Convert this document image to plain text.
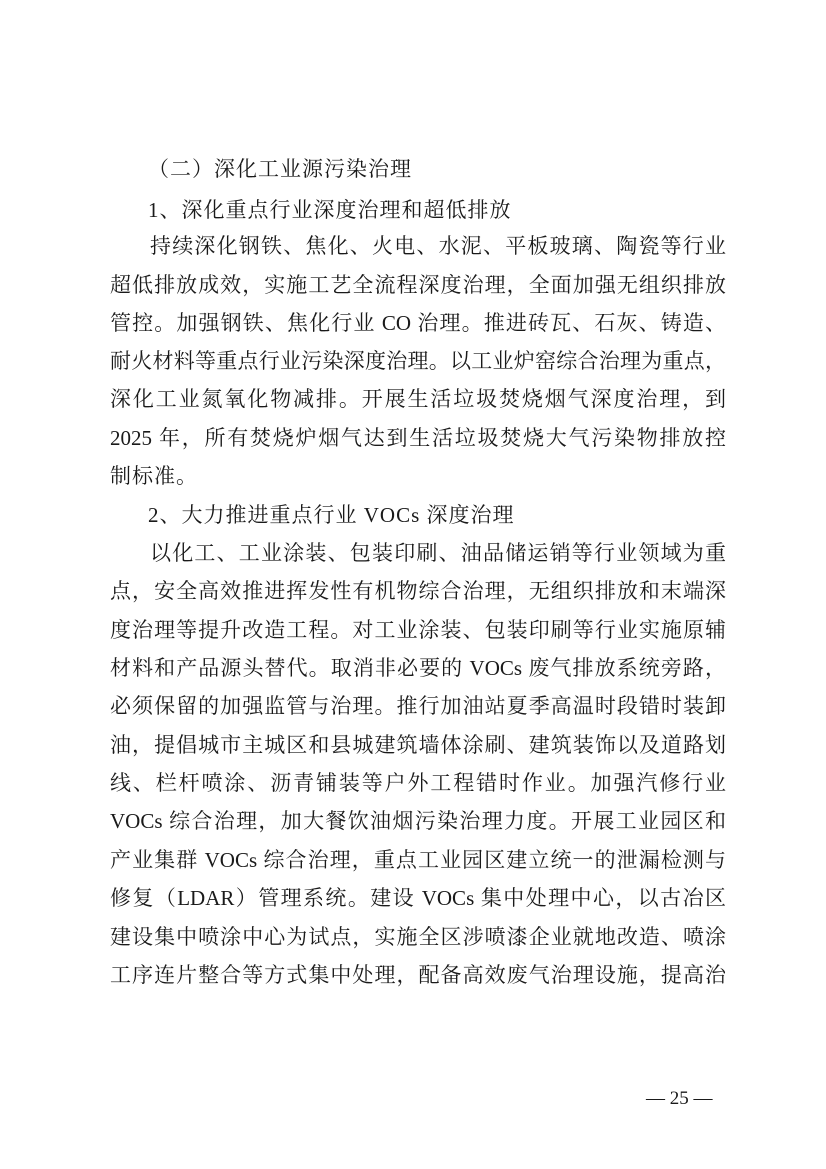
（二）深化工业源污染治理
1、深化重点行业深度治理和超低排放
持续深化钢铁、焦化、火电、水泥、平板玻璃、陶瓷等行业
超低排放成效，实施工艺全流程深度治理，全面加强无组织排放
管控。加强钢铁、焦化行业 CO 治理。推进砖瓦、石灰、铸造、
耐火材料等重点行业污染深度治理。以工业炉窑综合治理为重点，
深化工业氮氧化物减排。开展生活垃圾焚烧烟气深度治理，到
2025 年，所有焚烧炉烟气达到生活垃圾焚烧大气污染物排放控
制标准。
2、大力推进重点行业 VOCs 深度治理
以化工、工业涂装、包装印刷、油品储运销等行业领域为重
点，安全高效推进挥发性有机物综合治理，无组织排放和末端深
度治理等提升改造工程。对工业涂装、包装印刷等行业实施原辅
材料和产品源头替代。取消非必要的 VOCs 废气排放系统旁路，
必须保留的加强监管与治理。推行加油站夏季高温时段错时装卸
油，提倡城市主城区和县城建筑墙体涂刷、建筑装饰以及道路划
线、栏杆喷涂、沥青铺装等户外工程错时作业。加强汽修行业
VOCs 综合治理，加大餐饮油烟污染治理力度。开展工业园区和
产业集群 VOCs 综合治理，重点工业园区建立统一的泄漏检测与
修复（LDAR）管理系统。建设 VOCs 集中处理中心，以古冶区
建设集中喷涂中心为试点，实施全区涉喷漆企业就地改造、喷涂
工序连片整合等方式集中处理，配备高效废气治理设施，提高治
— 25 —
